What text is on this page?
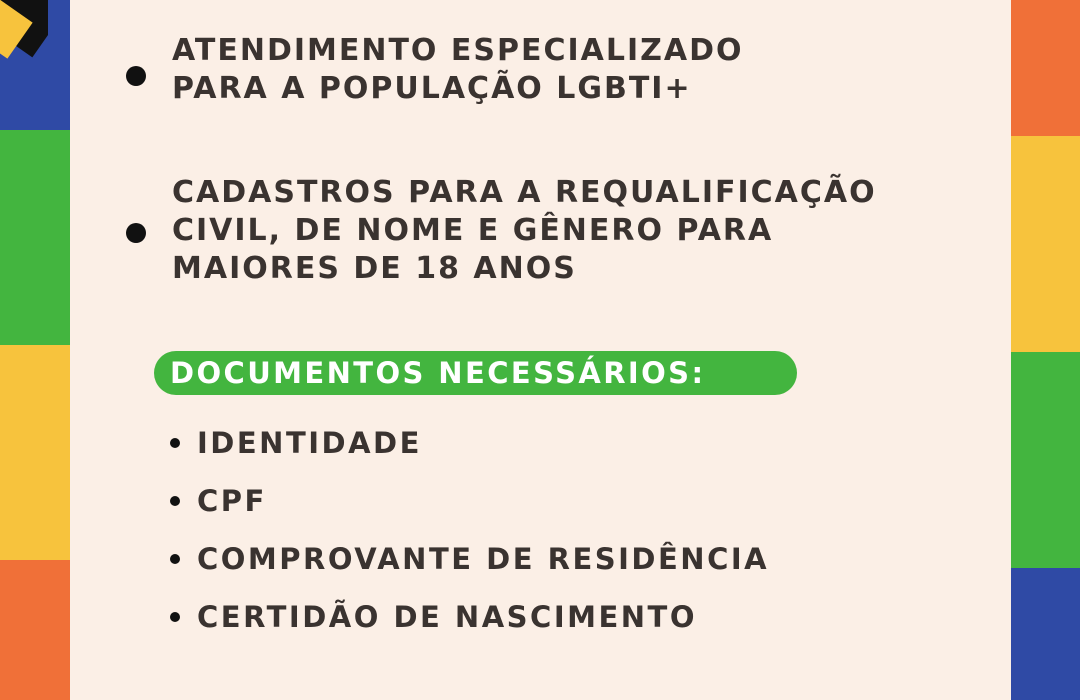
ATENDIMENTO ESPECIALIZADO
PARA A POPULAÇÃO LGBTI+
CADASTROS PARA A REQUALIFICAÇÃO
CIVIL, DE NOME E GÊNERO PARA
MAIORES DE 18 ANOS
DOCUMENTOS NECESSÁRIOS:
IDENTIDADE
CPF
COMPROVANTE DE RESIDÊNCIA
CERTIDÃO DE NASCIMENTO
